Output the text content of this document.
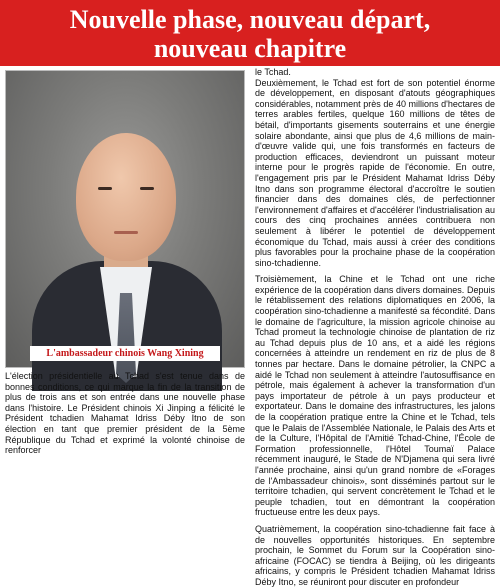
Nouvelle phase, nouveau départ,
nouveau chapitre
L'ambassadeur chinois Wang Xining

L'élection présidentielle au Tchad s'est tenue dans de bonnes conditions, ce qui marque la fin de la transition de plus de trois ans et son entrée dans une nouvelle phase dans l'histoire. Le Président chinois Xi Jinping a félicité le Président tchadien Mahamat Idriss Déby Itno de son élection en tant que premier président de la 5ème République du Tchad et exprimé la volonté chinoise de renforcer

le Tchad.

Deuxièmement, le Tchad est fort de son potentiel énorme de développement, en disposant d'atouts géographiques considérables, notamment près de 40 millions d'hectares de terres arables fertiles, quelque 160 millions de têtes de bétail, d'importants gisements souterrains et une énergie solaire abondante, ainsi que plus de 4,6 millions de main-d'œuvre valide qui, une fois transformés en facteurs de production efficaces, deviendront un puissant moteur interne pour le progrès rapide de l'économie. En outre, l'engagement pris par le Président Mahamat Idriss Déby Itno dans son programme électoral d'accroître le soutien financier dans des domaines clés, de perfectionner l'environnement d'affaires et d'accélérer l'industrialisation au cours des cinq prochaines années contribuera non seulement à libérer le potentiel de développement économique du Tchad, mais aussi à créer des conditions plus favorables pour la prochaine phase de la coopération sino-tchadienne.

Troisièmement, la Chine et le Tchad ont une riche expérience de la coopération dans divers domaines. Depuis le rétablissement des relations diplomatiques en 2006, la coopération sino-tchadienne a manifesté sa fécondité. Dans le domaine de l'agriculture, la mission agricole chinoise au Tchad promeut la technologie chinoise de plantation de riz au Tchad depuis plus de 10 ans, et a aidé les régions concernées à atteindre un rendement en riz de plus de 8 tonnes par hectare. Dans le domaine pétrolier, la CNPC a aidé le Tchad non seulement à atteindre l'autosuffisance en pétrole, mais également à achever la transformation d'un pays importateur de pétrole à un pays producteur et exportateur. Dans le domaine des infrastructures, les jalons de la coopération pratique entre la Chine et le Tchad, tels que le Palais de l'Assemblée Nationale, le Palais des Arts et de la Culture, l'Hôpital de l'Amitié Tchad-Chine, l'École de Formation professionnelle, l'Hôtel Toumaï Palace récemment inauguré, le Stade de N'Djamena qui sera livré l'année prochaine, ainsi qu'un grand nombre de «Forages de l'Ambassadeur chinois», sont disséminés partout sur le territoire tchadien, qui servent concrètement le Tchad et le peuple tchadien, tout en démontrant la coopération fructueuse entre les deux pays.

Quatrièmement, la coopération sino-tchadienne fait face à de nouvelles opportunités historiques. En septembre prochain, le Sommet du Forum sur la Coopération sino-africaine (FOCAC) se tiendra à Beijing, où les dirigeants africains, y compris le Président tchadien Mahamat Idriss Déby Itno, se réuniront pour discuter en profondeur
